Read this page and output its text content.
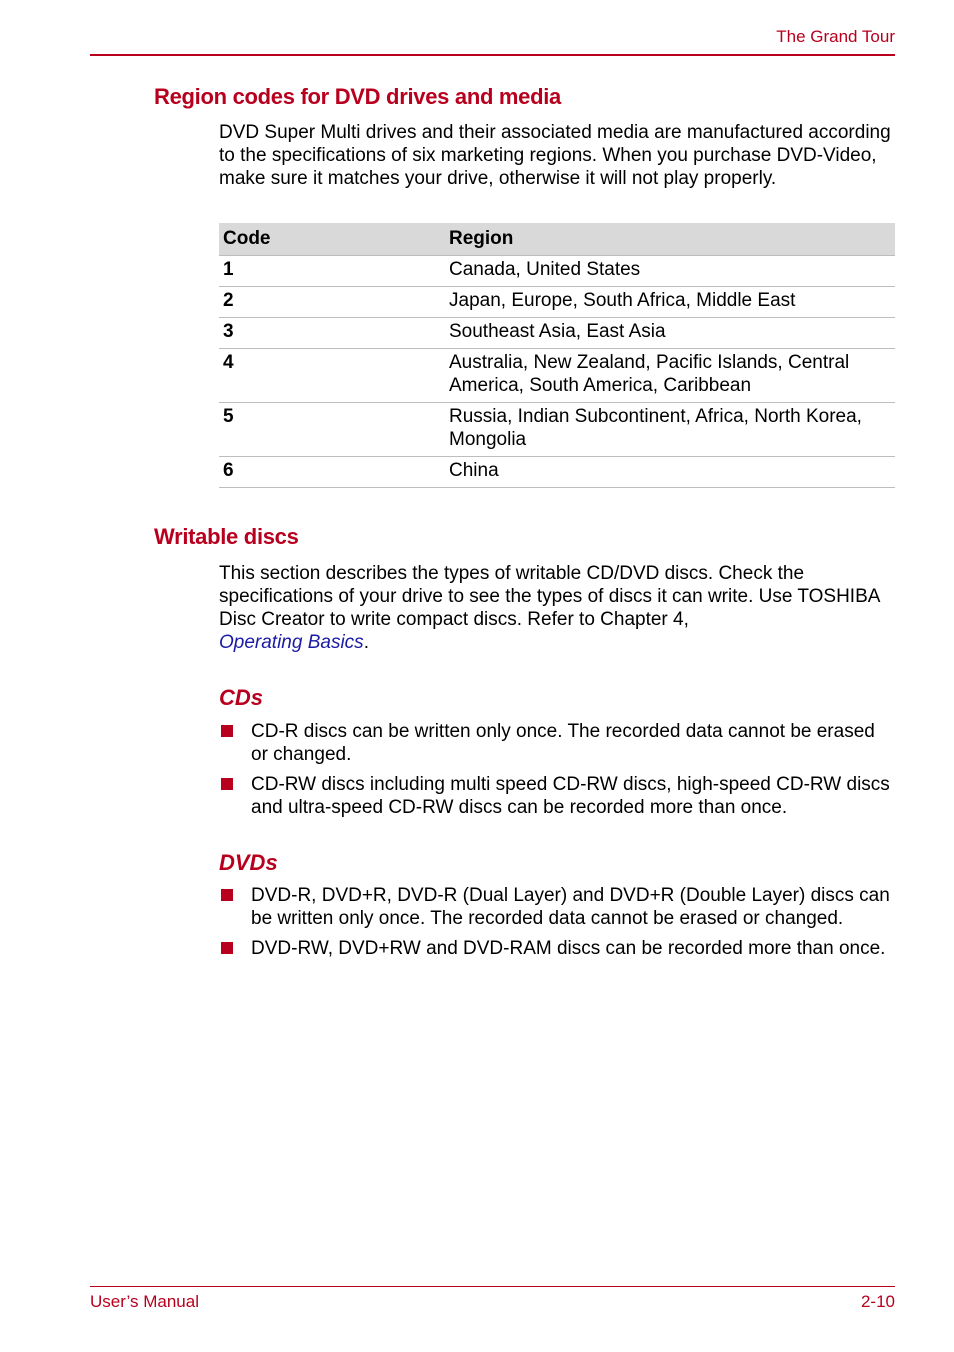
The Grand Tour
Region codes for DVD drives and media
DVD Super Multi drives and their associated media are manufactured according to the specifications of six marketing regions. When you purchase DVD-Video, make sure it matches your drive, otherwise it will not play properly.
Code	Region
1	Canada, United States
2	Japan, Europe, South Africa, Middle East
3	Southeast Asia, East Asia
4	Australia, New Zealand, Pacific Islands, Central America, South America, Caribbean
5	Russia, Indian Subcontinent, Africa, North Korea, Mongolia
6	China
Writable discs
This section describes the types of writable CD/DVD discs. Check the specifications of your drive to see the types of discs it can write. Use TOSHIBA Disc Creator to write compact discs. Refer to Chapter 4,
Operating Basics.
CDs
CD-R discs can be written only once. The recorded data cannot be erased or changed.
CD-RW discs including multi speed CD-RW discs, high-speed CD-RW discs and ultra-speed CD-RW discs can be recorded more than once.
DVDs
DVD-R, DVD+R, DVD-R (Dual Layer) and DVD+R (Double Layer) discs can be written only once. The recorded data cannot be erased or changed.
DVD-RW, DVD+RW and DVD-RAM discs can be recorded more than once.
User’s Manual	2-10
